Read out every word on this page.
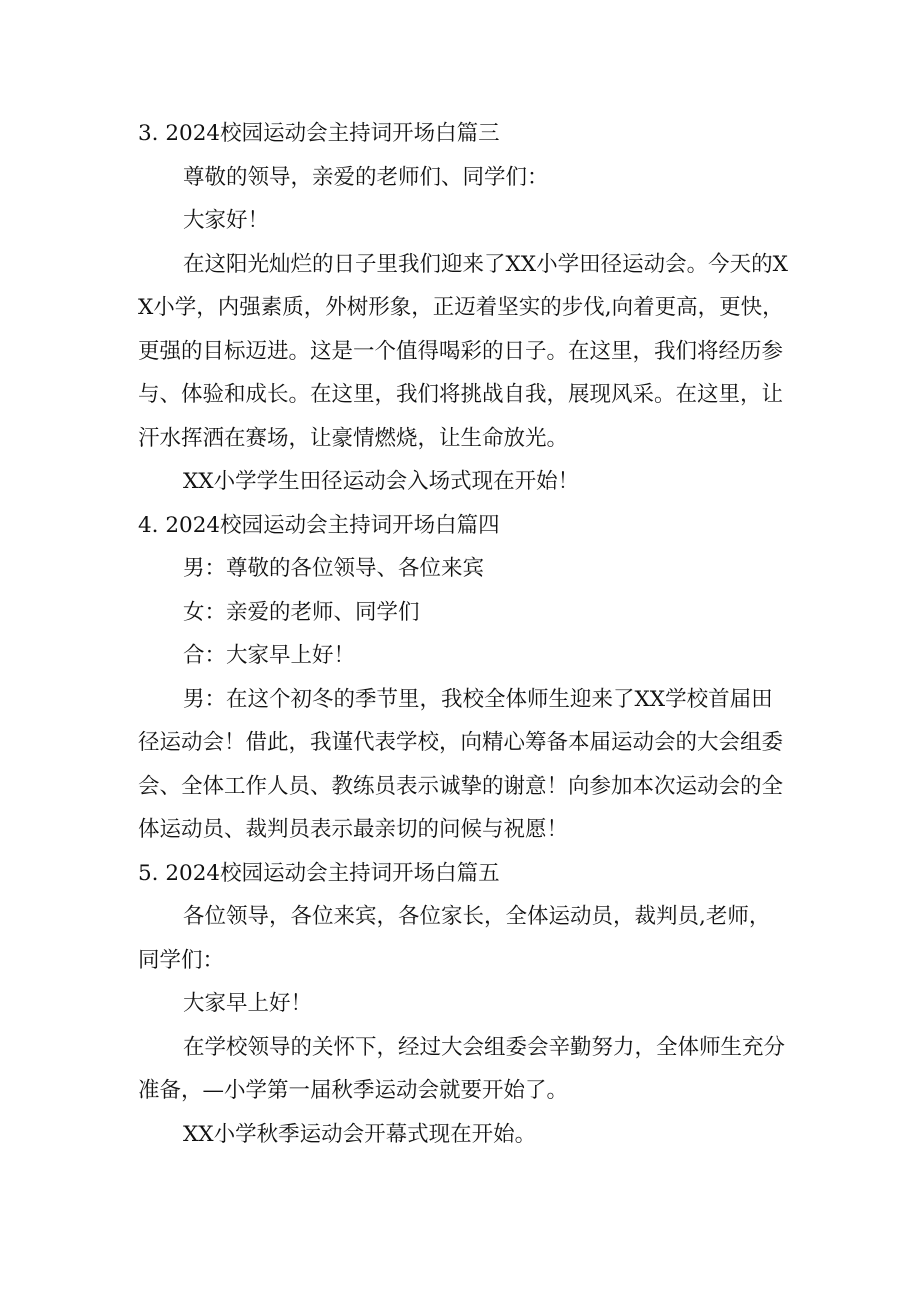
3. 2024校园运动会主持词开场白篇三

尊敬的领导，亲爱的老师们、同学们：

大家好！

在这阳光灿烂的日子里我们迎来了XX小学田径运动会。今天的XX小学，内强素质，外树形象，正迈着坚实的步伐,向着更高，更快，更强的目标迈进。这是一个值得喝彩的日子。在这里，我们将经历参与、体验和成长。在这里，我们将挑战自我，展现风采。在这里，让汗水挥洒在赛场，让豪情燃烧，让生命放光。

XX小学学生田径运动会入场式现在开始！

4. 2024校园运动会主持词开场白篇四

男：尊敬的各位领导、各位来宾

女：亲爱的老师、同学们

合：大家早上好！

男：在这个初冬的季节里，我校全体师生迎来了XX学校首届田径运动会！借此，我谨代表学校，向精心筹备本届运动会的大会组委会、全体工作人员、教练员表示诚挚的谢意！向参加本次运动会的全体运动员、裁判员表示最亲切的问候与祝愿！

5. 2024校园运动会主持词开场白篇五

各位领导，各位来宾，各位家长，全体运动员，裁判员,老师，同学们：

大家早上好！

在学校领导的关怀下，经过大会组委会辛勤努力，全体师生充分准备，—小学第一届秋季运动会就要开始了。

XX小学秋季运动会开幕式现在开始。
